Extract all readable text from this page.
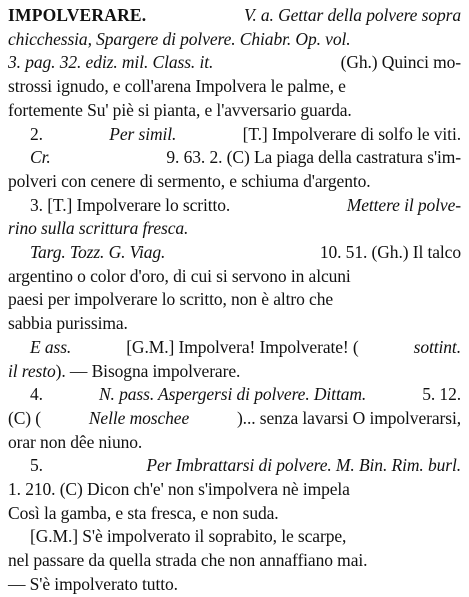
IMPOLVERARE.	V. a. Gettar della polvere sopra
chicchessia, Spargere di polvere. Chiabr. Op. vol.
3. pag. 32. ediz. mil. Class. it.	(Gh.) Quinci mo-
strossi ignudo, e coll'arena Impolvera le palme, e
fortemente Su' piè si pianta, e l'avversario guarda.
2.	Per simil.	[T.] Impolverare di solfo le viti.
Cr.	9. 63. 2. (C) La piaga della castratura s'im-
polveri con cenere di sermento, e schiuma d'argento.
3. [T.] Impolverare lo scritto.	Mettere il polve-
rino sulla scrittura fresca.
Targ. Tozz. G. Viag.	10. 51. (Gh.) Il talco
argentino o color d'oro, di cui si servono in alcuni
paesi per impolverare lo scritto, non è altro che
sabbia purissima.
E ass.	[G.M.] Impolvera! Impolverate! (	sottint.
il resto ). — Bisogna impolverare.
4.	N. pass. Aspergersi di polvere. Dittam.	5. 12.
(C) (	Nelle moschee	)... senza lavarsi O impolverarsi,
orar non dêe niuno.
5.	Per Imbrattarsi di polvere. M. Bin. Rim. burl.
1. 210. (C) Dicon ch'e' non s'impolvera nè impela
Così la gamba, e sta fresca, e non suda.
[G.M.] S'è impolverato il soprabito, le scarpe,
nel passare da quella strada che non annaffiano mai.
— S'è impolverato tutto.
